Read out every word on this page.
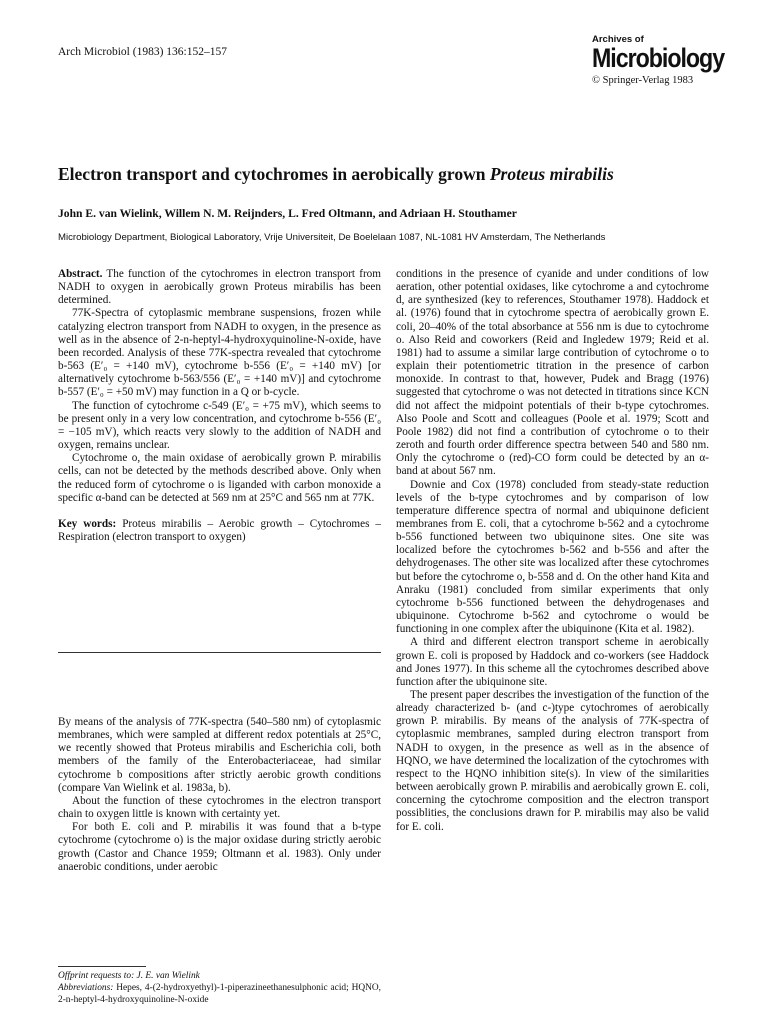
Arch Microbiol (1983) 136:152–157
Archives of
Microbiology
© Springer-Verlag 1983
Electron transport and cytochromes in aerobically grown Proteus mirabilis
John E. van Wielink, Willem N. M. Reijnders, L. Fred Oltmann, and Adriaan H. Stouthamer
Microbiology Department, Biological Laboratory, Vrije Universiteit, De Boelelaan 1087, NL-1081 HV Amsterdam, The Netherlands

Abstract. The function of the cytochromes in electron transport from NADH to oxygen in aerobically grown Proteus mirabilis has been determined.

77K-Spectra of cytoplasmic membrane suspensions, frozen while catalyzing electron transport from NADH to oxygen, in the presence as well as in the absence of 2-n-heptyl-4-hydroxyquinoline-N-oxide, have been recorded. Analysis of these 77K-spectra revealed that cytochrome b-563 (E′₀ = +140 mV), cytochrome b-556 (E′₀ = +140 mV) [or alternatively cytochrome b-563/556 (E′₀ = +140 mV)] and cytochrome b-557 (E′₀ = +50 mV) may function in a Q or b-cycle.

The function of cytochrome c-549 (E′₀ = +75 mV), which seems to be present only in a very low concentration, and cytochrome b-556 (E′₀ = −105 mV), which reacts very slowly to the addition of NADH and oxygen, remains unclear.

Cytochrome o, the main oxidase of aerobically grown P. mirabilis cells, can not be detected by the methods described above. Only when the reduced form of cytochrome o is liganded with carbon monoxide a specific α-band can be detected at 569 nm at 25°C and 565 nm at 77K.

Key words: Proteus mirabilis – Aerobic growth – Cytochromes – Respiration (electron transport to oxygen)

By means of the analysis of 77K-spectra (540–580 nm) of cytoplasmic membranes, which were sampled at different redox potentials at 25°C, we recently showed that Proteus mirabilis and Escherichia coli, both members of the family of the Enterobacteriaceae, had similar cytochrome b compositions after strictly aerobic growth conditions (compare Van Wielink et al. 1983a, b).

About the function of these cytochromes in the electron transport chain to oxygen little is known with certainty yet.

For both E. coli and P. mirabilis it was found that a b-type cytochrome (cytochrome o) is the major oxidase during strictly aerobic growth (Castor and Chance 1959; Oltmann et al. 1983). Only under anaerobic conditions, under aerobic

Offprint requests to: J. E. van Wielink
Abbreviations: Hepes, 4-(2-hydroxyethyl)-1-piperazineethanesulphonic acid; HQNO, 2-n-heptyl-4-hydroxyquinoline-N-oxide

conditions in the presence of cyanide and under conditions of low aeration, other potential oxidases, like cytochrome a and cytochrome d, are synthesized (key to references, Stouthamer 1978). Haddock et al. (1976) found that in cytochrome spectra of aerobically grown E. coli, 20–40% of the total absorbance at 556 nm is due to cytochrome o. Also Reid and coworkers (Reid and Ingledew 1979; Reid et al. 1981) had to assume a similar large contribution of cytochrome o to explain their potentiometric titration in the presence of carbon monoxide. In contrast to that, however, Pudek and Bragg (1976) suggested that cytochrome o was not detected in titrations since KCN did not affect the midpoint potentials of their b-type cytochromes. Also Poole and Scott and colleagues (Poole et al. 1979; Scott and Poole 1982) did not find a contribution of cytochrome o to their zeroth and fourth order difference spectra between 540 and 580 nm. Only the cytochrome o (red)-CO form could be detected by an α-band at about 567 nm.

Downie and Cox (1978) concluded from steady-state reduction levels of the b-type cytochromes and by comparison of low temperature difference spectra of normal and ubiquinone deficient membranes from E. coli, that a cytochrome b-562 and a cytochrome b-556 functioned between two ubiquinone sites. One site was localized before the cytochromes b-562 and b-556 and after the dehydrogenases. The other site was localized after these cytochromes but before the cytochrome o, b-558 and d. On the other hand Kita and Anraku (1981) concluded from similar experiments that only cytochrome b-556 functioned between the dehydrogenases and ubiquinone. Cytochrome b-562 and cytochrome o would be functioning in one complex after the ubiquinone (Kita et al. 1982).

A third and different electron transport scheme in aerobically grown E. coli is proposed by Haddock and co-workers (see Haddock and Jones 1977). In this scheme all the cytochromes described above function after the ubiquinone site.

The present paper describes the investigation of the function of the already characterized b- (and c-)type cytochromes of aerobically grown P. mirabilis. By means of the analysis of 77K-spectra of cytoplasmic membranes, sampled during electron transport from NADH to oxygen, in the presence as well as in the absence of HQNO, we have determined the localization of the cytochromes with respect to the HQNO inhibition site(s). In view of the similarities between aerobically grown P. mirabilis and aerobically grown E. coli, concerning the cytochrome composition and the electron transport possiblities, the conclusions drawn for P. mirabilis may also be valid for E. coli.
